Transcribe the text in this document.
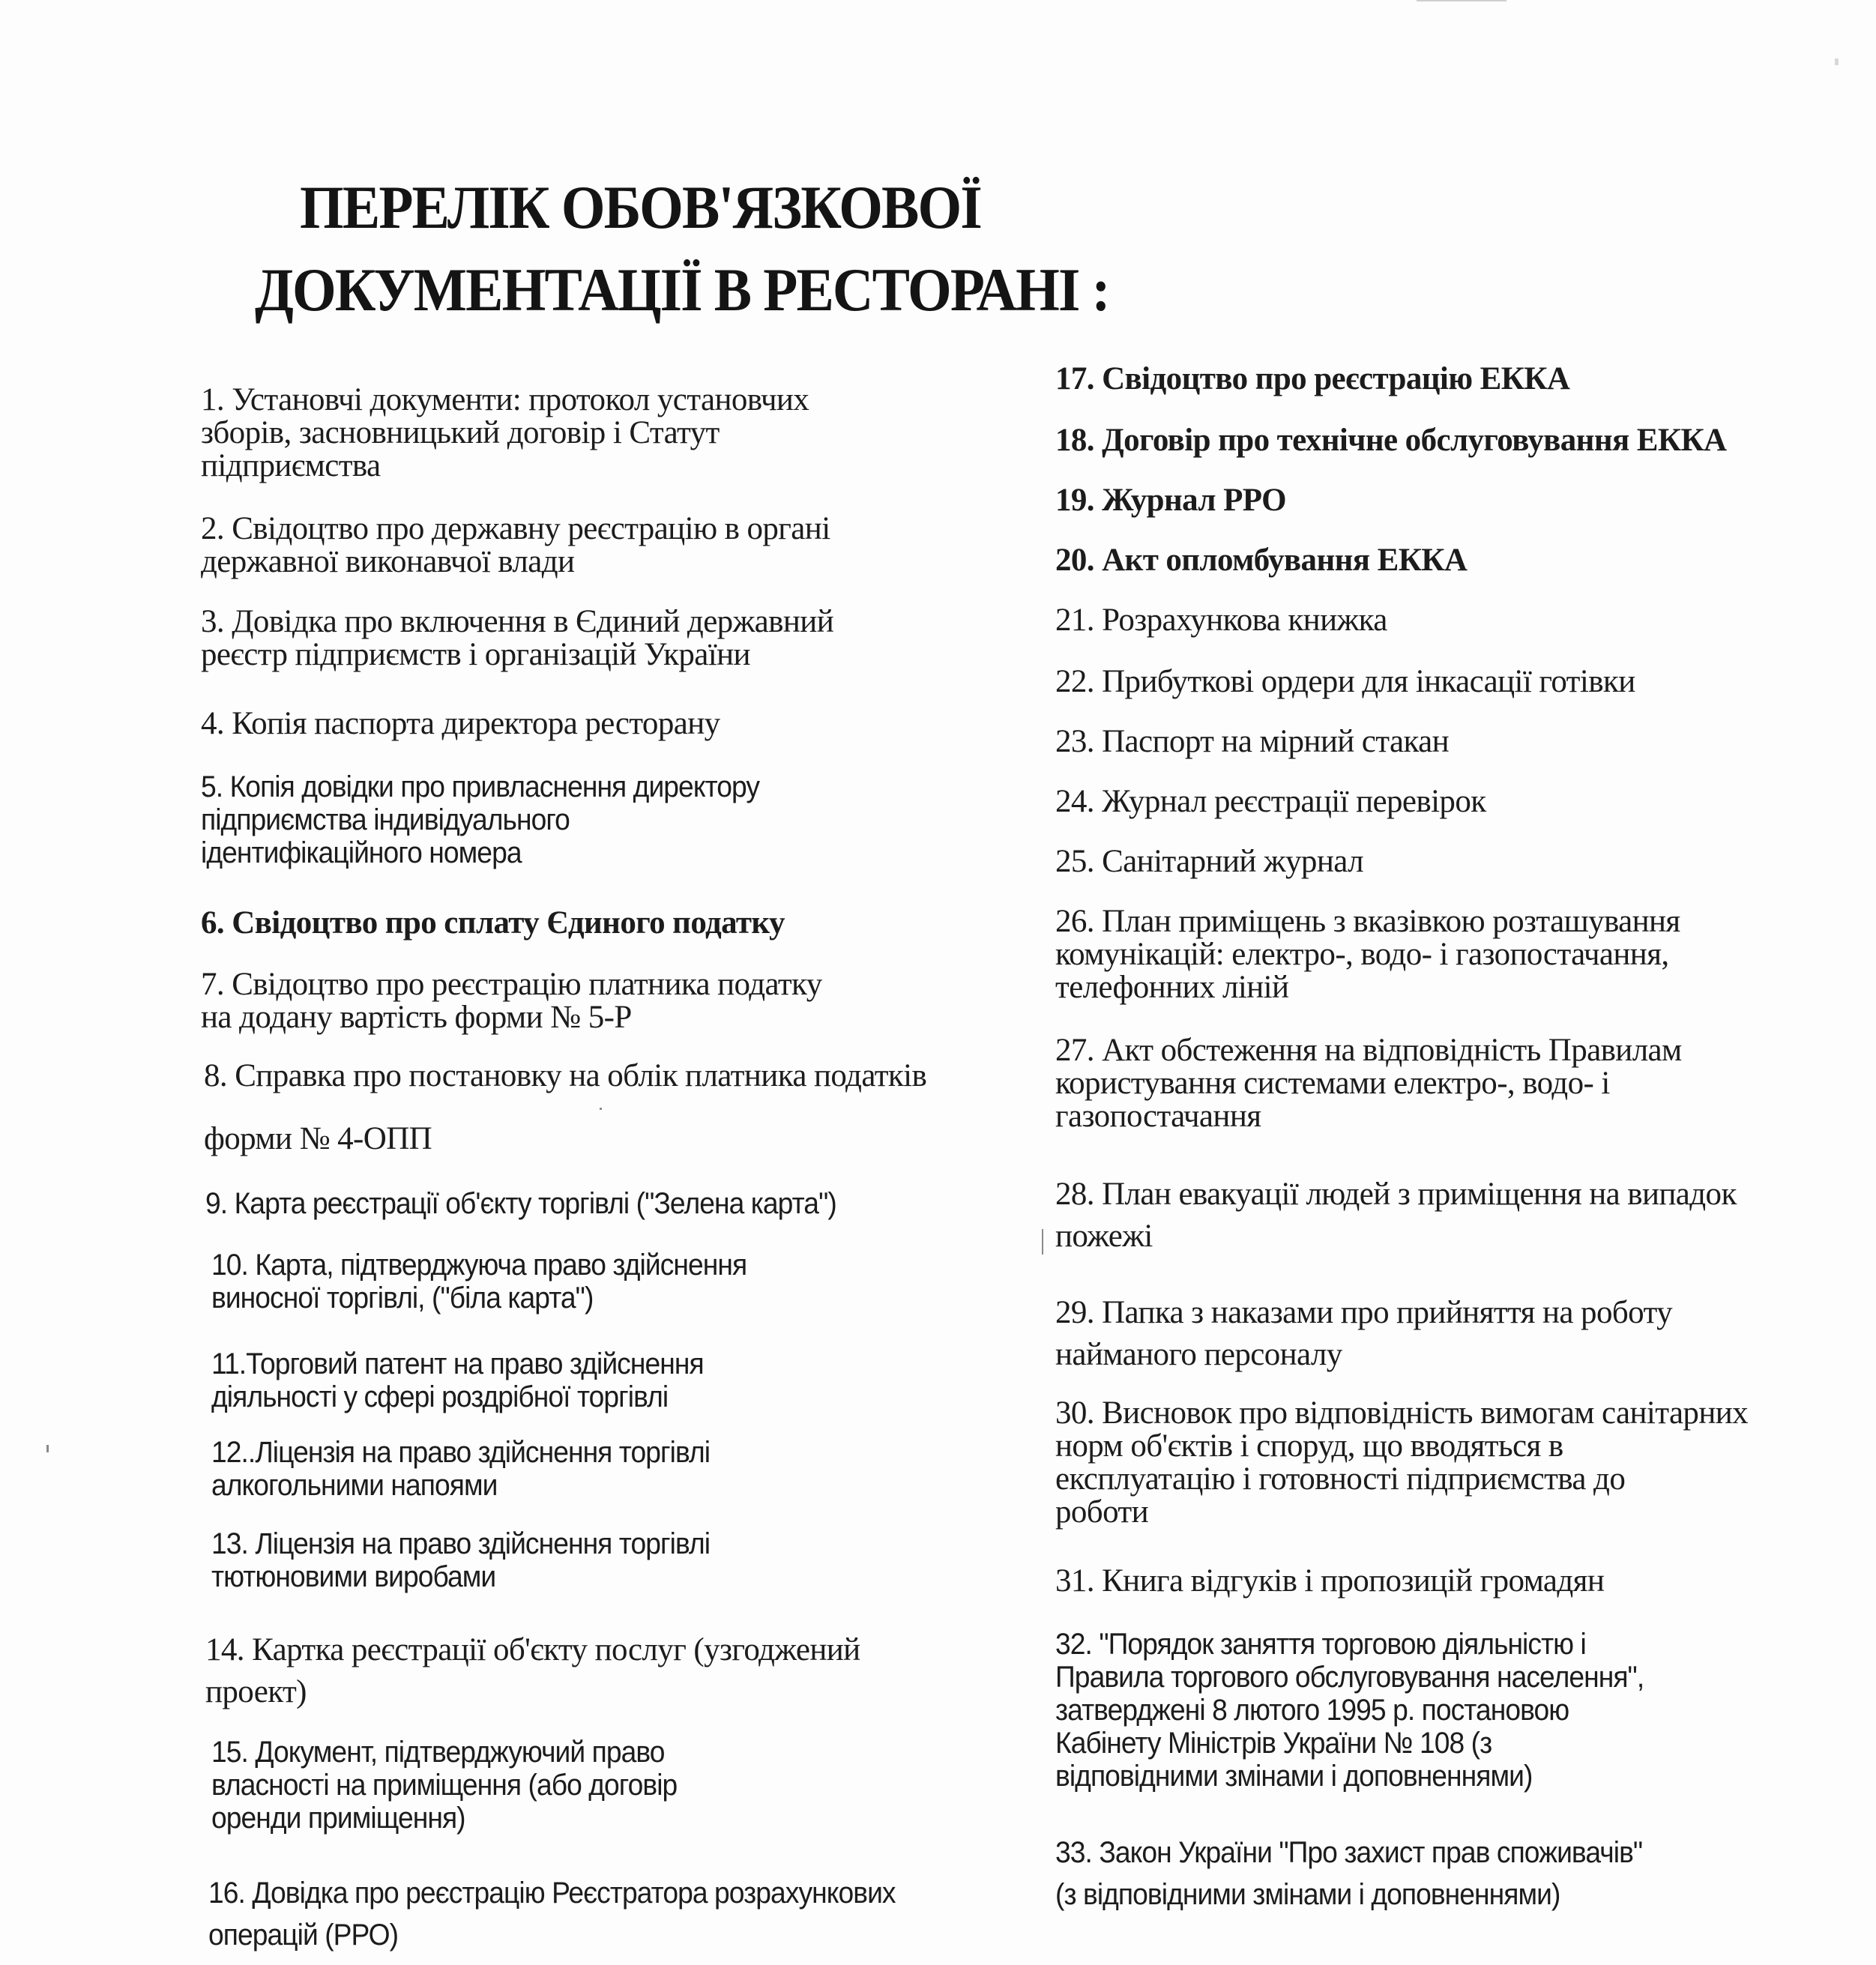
ПЕРЕЛІК ОБОВ'ЯЗКОВОЇ
ДОКУМЕНТАЦІЇ В РЕСТОРАНІ :
1. Установчі документи: протокол установчих
зборів, засновницький договір і Статут
підприємства
2. Свідоцтво про державну реєстрацію в органі
державної виконавчої влади
3. Довідка про включення в Єдиний державний
реєстр підприємств і організацій України
4. Копія паспорта директора ресторану
5. Копія довідки про привласнення директору
підприємства індивідуального
ідентифікаційного номера
6. Свідоцтво про сплату Єдиного податку
7. Свідоцтво про реєстрацію платника податку
на додану вартість форми № 5-Р
8. Справка про постановку на облік платника податків
форми № 4-ОПП
9. Карта реєстрації об'єкту торгівлі ("Зелена карта")
10. Карта, підтверджуюча право здійснення
виносної торгівлі, ("біла карта")
11.Торговий патент на право здійснення
діяльності у сфері роздрібної торгівлі
12..Ліцензія на право здійснення торгівлі
алкогольними напоями
13. Ліцензія на право здійснення торгівлі
тютюновими виробами
14. Картка реєстрації об'єкту послуг (узгоджений
проект)
15. Документ, підтверджуючий право
власності на приміщення (або договір
оренди приміщення)
16. Довідка про реєстрацію Реєстратора розрахункових
операцій (РРО)
17. Свідоцтво про реєстрацію ЕККА
18. Договір про технічне обслуговування ЕККА
19. Журнал РРО
20. Акт опломбування ЕККА
21. Розрахункова книжка
22. Прибуткові ордери для інкасації готівки
23. Паспорт на мірний стакан
24. Журнал реєстрації перевірок
25. Санітарний журнал
26. План приміщень з вказівкою розташування
комунікацій: електро-, водо- і газопостачання,
телефонних ліній
27. Акт обстеження на відповідність Правилам
користування системами електро-, водо- і
газопостачання
28. План евакуації людей з приміщення на випадок
пожежі
29. Папка з наказами про прийняття на роботу
найманого персоналу
30. Висновок про відповідність вимогам санітарних
норм об'єктів і споруд, що вводяться в
експлуатацію і готовності підприємства до
роботи
31. Книга відгуків і пропозицій громадян
32. "Порядок заняття торговою діяльністю і
Правила торгового обслуговування населення",
затверджені 8 лютого 1995 р. постановою
Кабінету Міністрів України № 108 (з
відповідними змінами і доповненнями)
33. Закон України "Про захист прав споживачів"
(з відповідними змінами і доповненнями)
